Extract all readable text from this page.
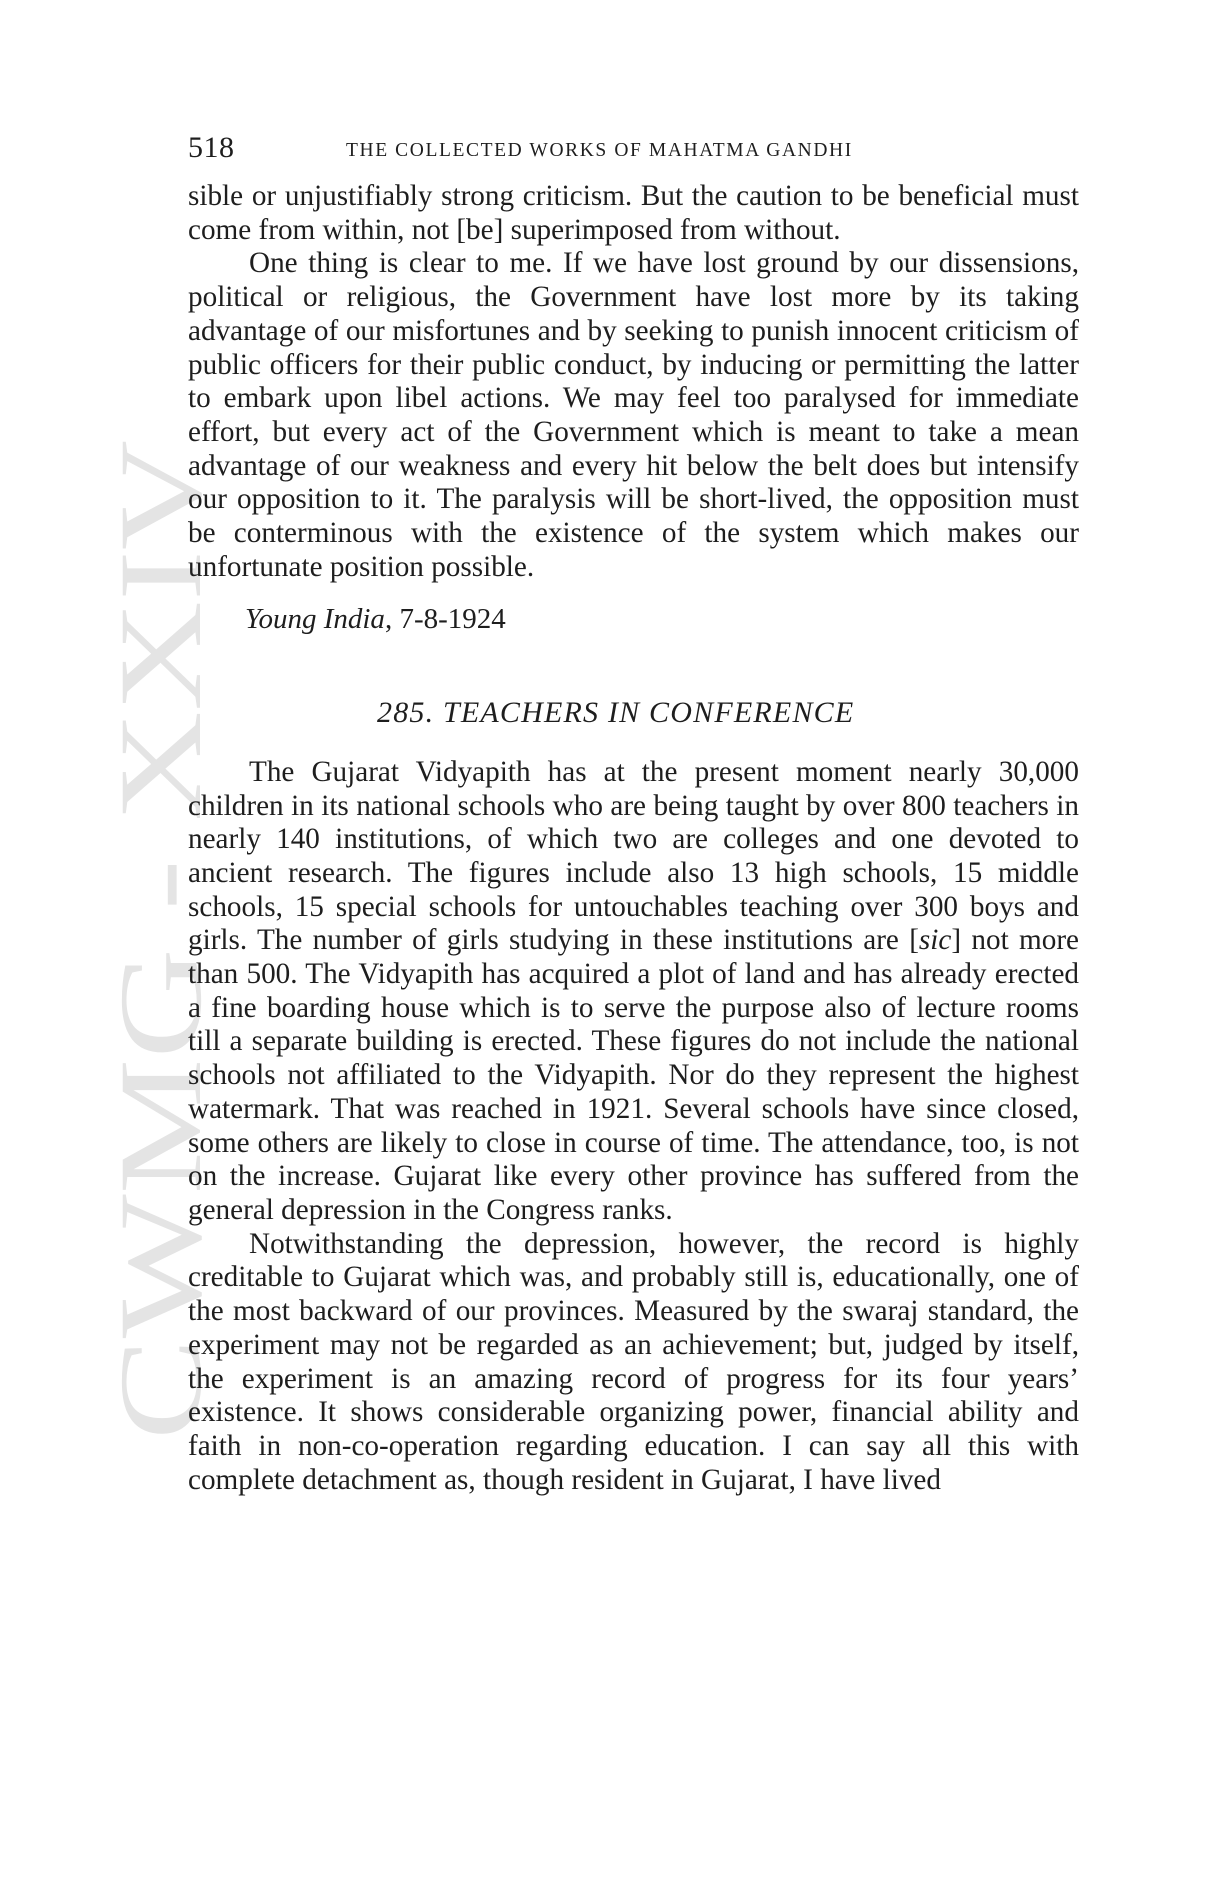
CWMG - XXIV
518	THE COLLECTED WORKS OF MAHATMA GANDHI

sible or unjustifiably strong criticism. But the caution to be beneficial must come from within, not [be] superimposed from without.

One thing is clear to me. If we have lost ground by our dissensions, political or religious, the Government have lost more by its taking advantage of our misfortunes and by seeking to punish innocent criticism of public officers for their public conduct, by inducing or permitting the latter to embark upon libel actions. We may feel too paralysed for immediate effort, but every act of the Government which is meant to take a mean advantage of our weakness and every hit below the belt does but intensify our opposition to it. The paralysis will be short-lived, the opposition must be conterminous with the existence of the system which makes our unfortunate position possible.

Young India, 7-8-1924

285. TEACHERS IN CONFERENCE

The Gujarat Vidyapith has at the present moment nearly 30,000 children in its national schools who are being taught by over 800 teachers in nearly 140 institutions, of which two are colleges and one devoted to ancient research. The figures include also 13 high schools, 15 middle schools, 15 special schools for untouchables teaching over 300 boys and girls. The number of girls studying in these institutions are [sic] not more than 500. The Vidyapith has acquired a plot of land and has already erected a fine boarding house which is to serve the purpose also of lecture rooms till a separate building is erected. These figures do not include the national schools not affiliated to the Vidyapith. Nor do they represent the highest watermark. That was reached in 1921. Several schools have since closed, some others are likely to close in course of time. The attendance, too, is not on the increase. Gujarat like every other province has suffered from the general depression in the Congress ranks.

Notwithstanding the depression, however, the record is highly creditable to Gujarat which was, and probably still is, educationally, one of the most backward of our provinces. Measured by the swaraj standard, the experiment may not be regarded as an achievement; but, judged by itself, the experiment is an amazing record of progress for its four years’ existence. It shows considerable organizing power, financial ability and faith in non-co-operation regarding education. I can say all this with complete detachment as, though resident in Gujarat, I have lived
